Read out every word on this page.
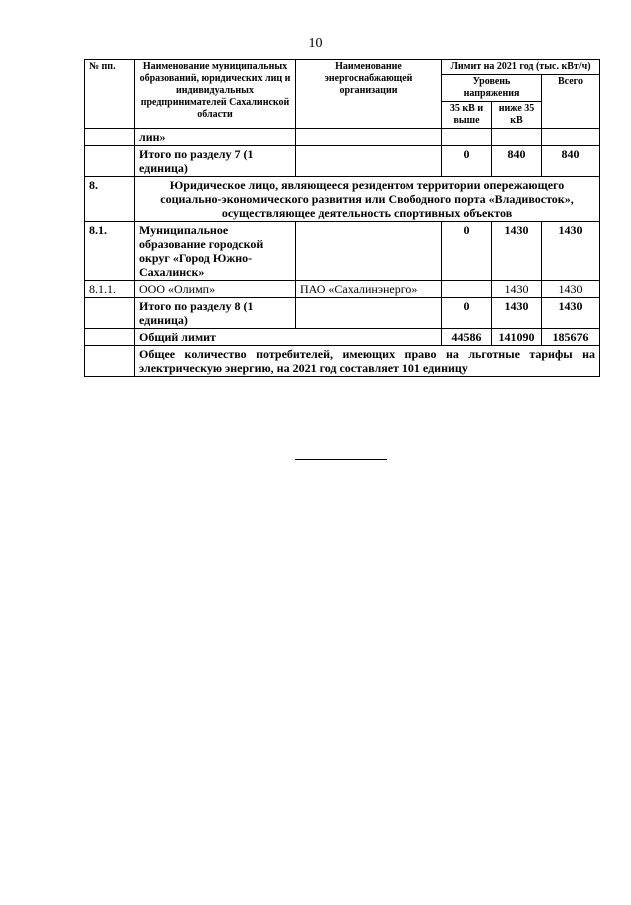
10
№ пп.	Наименование муниципальных образований, юридических лиц и индивидуальных предпринимателей Сахалинской области	Наименование энергоснабжающей организации	Лимит на 2021 год (тыс. кВт/ч)		
			Уровень напряжения		Всего
			35 кВ и выше	ниже 35 кВ	
	лин»				
	Итого по разделу 7 (1 единица)		0	840	840
8.	Юридическое лицо, являющееся резидентом территории опережающего социально-экономического развития или Свободного порта «Владивосток», осуществляющее деятельность спортивных объектов				
8.1.	Муниципальное образование городской округ «Город Южно-Сахалинск»		0	1430	1430
8.1.1.	ООО «Олимп»	ПАО «Сахалинэнерго»		1430	1430
	Итого по разделу 8 (1 единица)		0	1430	1430
	Общий лимит		44586	141090	185676
	Общее количество потребителей, имеющих право на льготные тарифы на электрическую энергию, на 2021 год составляет 101 единицу				
